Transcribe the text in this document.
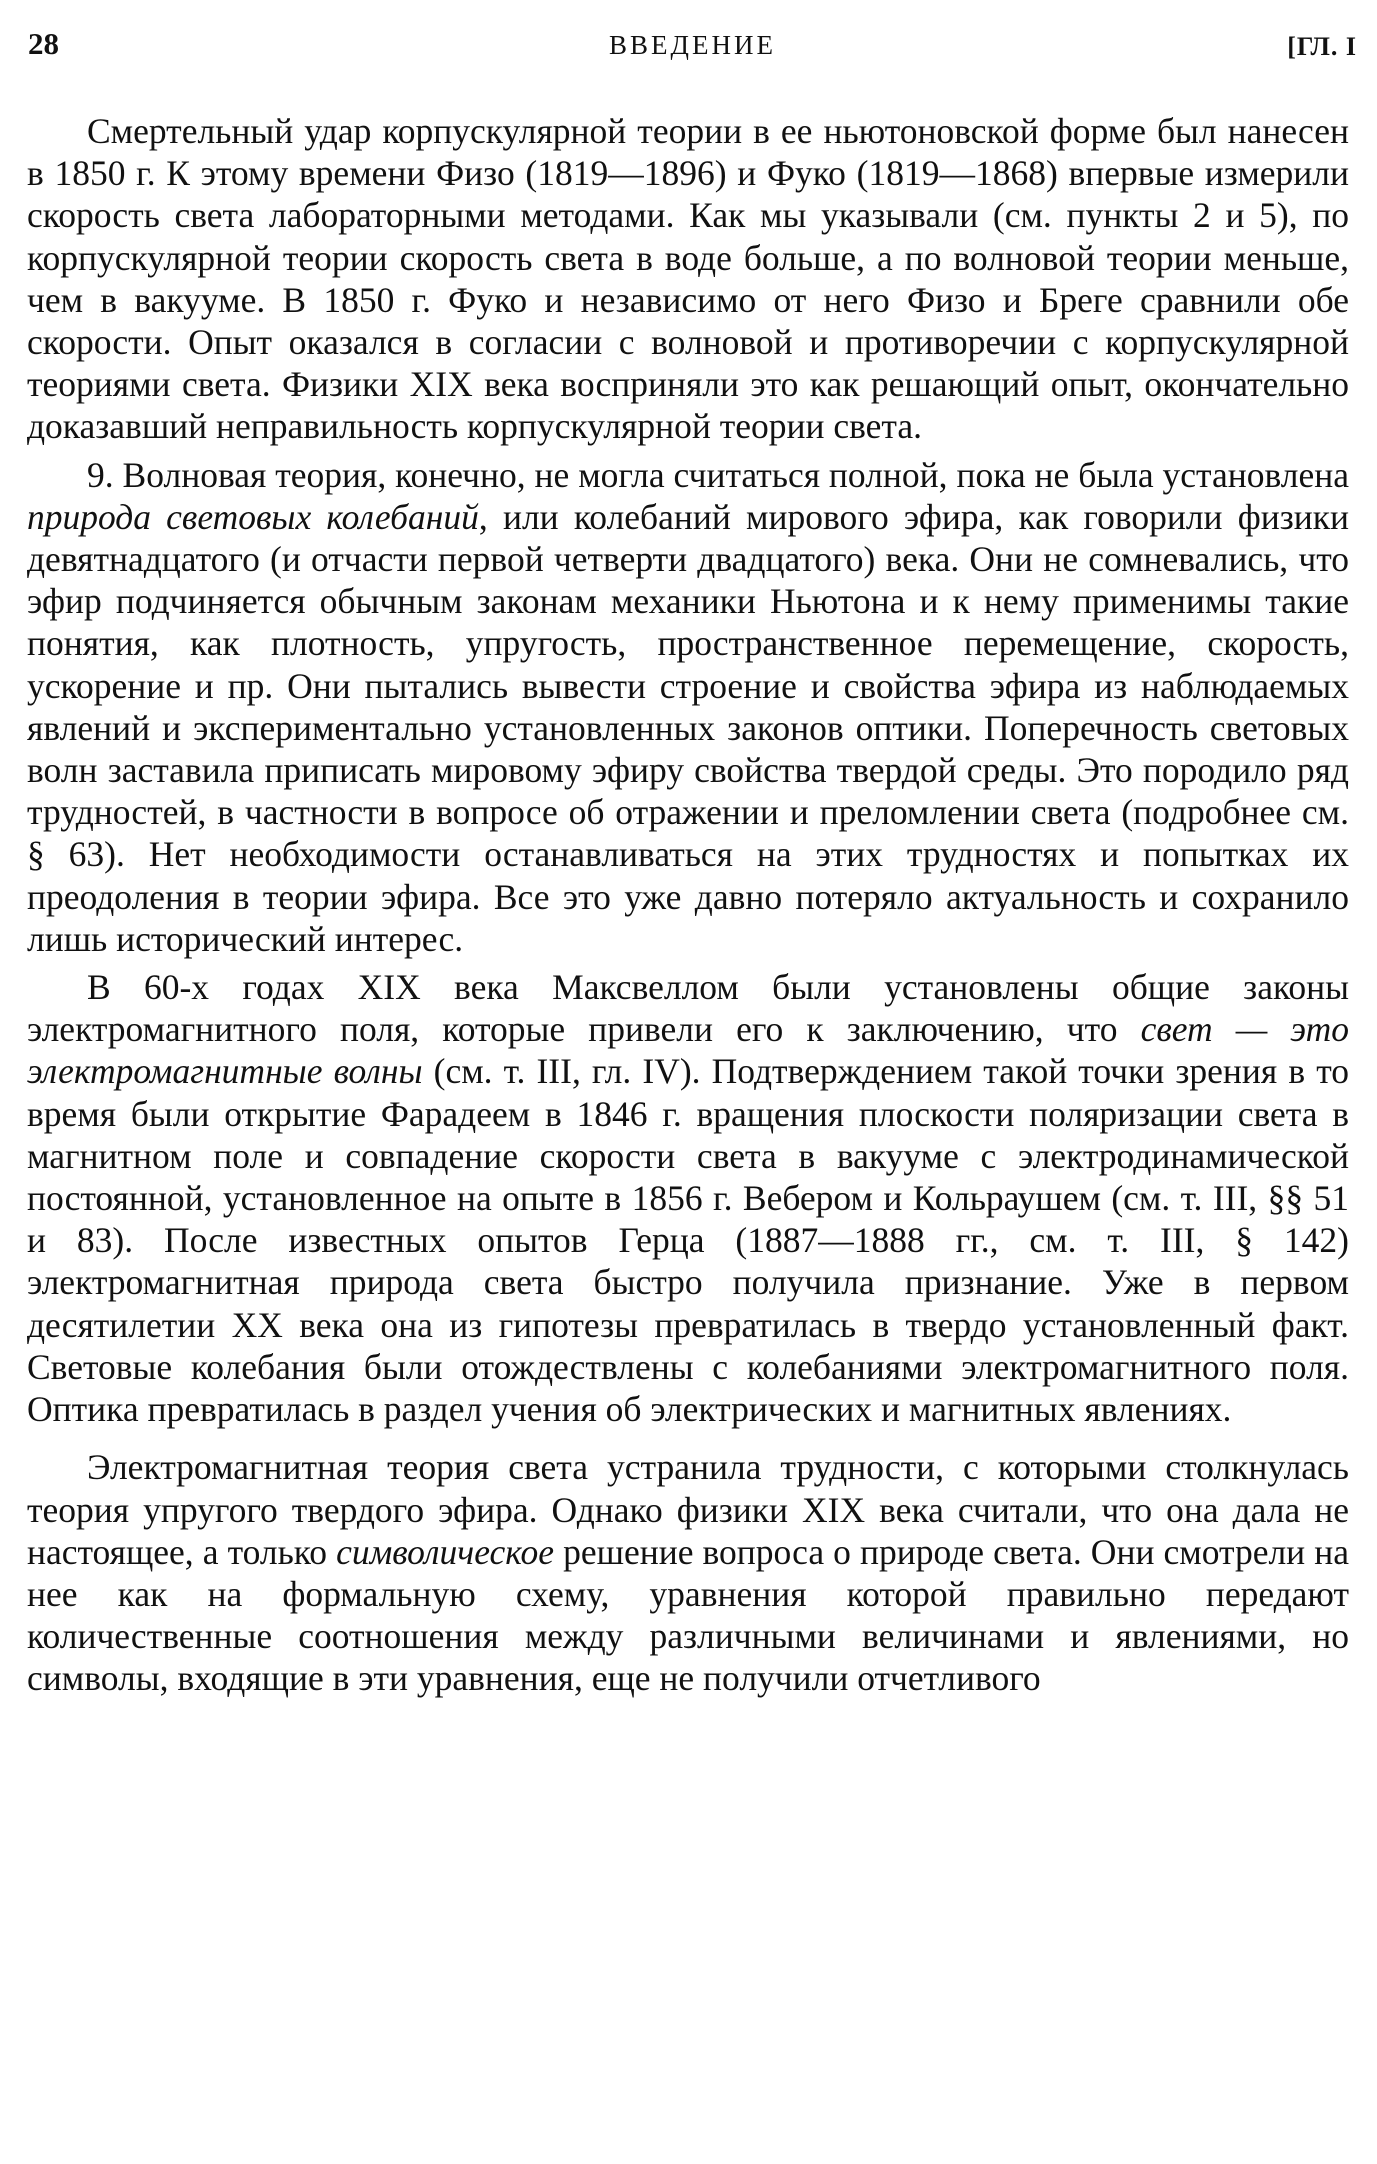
28	ВВЕДЕНИЕ	[ГЛ. I

Смертельный удар корпускулярной теории в ее ньютоновской форме был нанесен в 1850 г. К этому времени Физо (1819—1896) и Фуко (1819—1868) впервые измерили скорость света лабораторными методами. Как мы указывали (см. пункты 2 и 5), по корпускулярной теории скорость света в воде больше, а по волновой теории меньше, чем в вакууме. В 1850 г. Фуко и независимо от него Физо и Бреге сравнили обе скорости. Опыт оказался в согласии с волновой и противоречии с корпускулярной теориями света. Физики XIX века восприняли это как решающий опыт, окончательно доказавший неправильность корпускулярной теории света.

9. Волновая теория, конечно, не могла считаться полной, пока не была установлена природа световых колебаний, или колебаний мирового эфира, как говорили физики девятнадцатого (и отчасти первой четверти двадцатого) века. Они не сомневались, что эфир подчиняется обычным законам механики Ньютона и к нему применимы такие понятия, как плотность, упругость, пространственное перемещение, скорость, ускорение и пр. Они пытались вывести строение и свойства эфира из наблюдаемых явлений и экспериментально установленных законов оптики. Поперечность световых волн заставила приписать мировому эфиру свойства твердой среды. Это породило ряд трудностей, в частности в вопросе об отражении и преломлении света (подробнее см. § 63). Нет необходимости останавливаться на этих трудностях и попытках их преодоления в теории эфира. Все это уже давно потеряло актуальность и сохранило лишь исторический интерес.

В 60-х годах XIX века Максвеллом были установлены общие законы электромагнитного поля, которые привели его к заключению, что свет — это электромагнитные волны (см. т. III, гл. IV). Подтверждением такой точки зрения в то время были открытие Фарадеем в 1846 г. вращения плоскости поляризации света в магнитном поле и совпадение скорости света в вакууме с электродинамической постоянной, установленное на опыте в 1856 г. Вебером и Кольраушем (см. т. III, §§ 51 и 83). После известных опытов Герца (1887—1888 гг., см. т. III, § 142) электромагнитная природа света быстро получила признание. Уже в первом десятилетии XX века она из гипотезы превратилась в твердо установленный факт. Световые колебания были отождествлены с колебаниями электромагнитного поля. Оптика превратилась в раздел учения об электрических и магнитных явлениях.

Электромагнитная теория света устранила трудности, с которыми столкнулась теория упругого твердого эфира. Однако физики XIX века считали, что она дала не настоящее, а только символическое решение вопроса о природе света. Они смотрели на нее как на формальную схему, уравнения которой правильно передают количественные соотношения между различными величинами и явлениями, но символы, входящие в эти уравнения, еще не получили отчетливого
